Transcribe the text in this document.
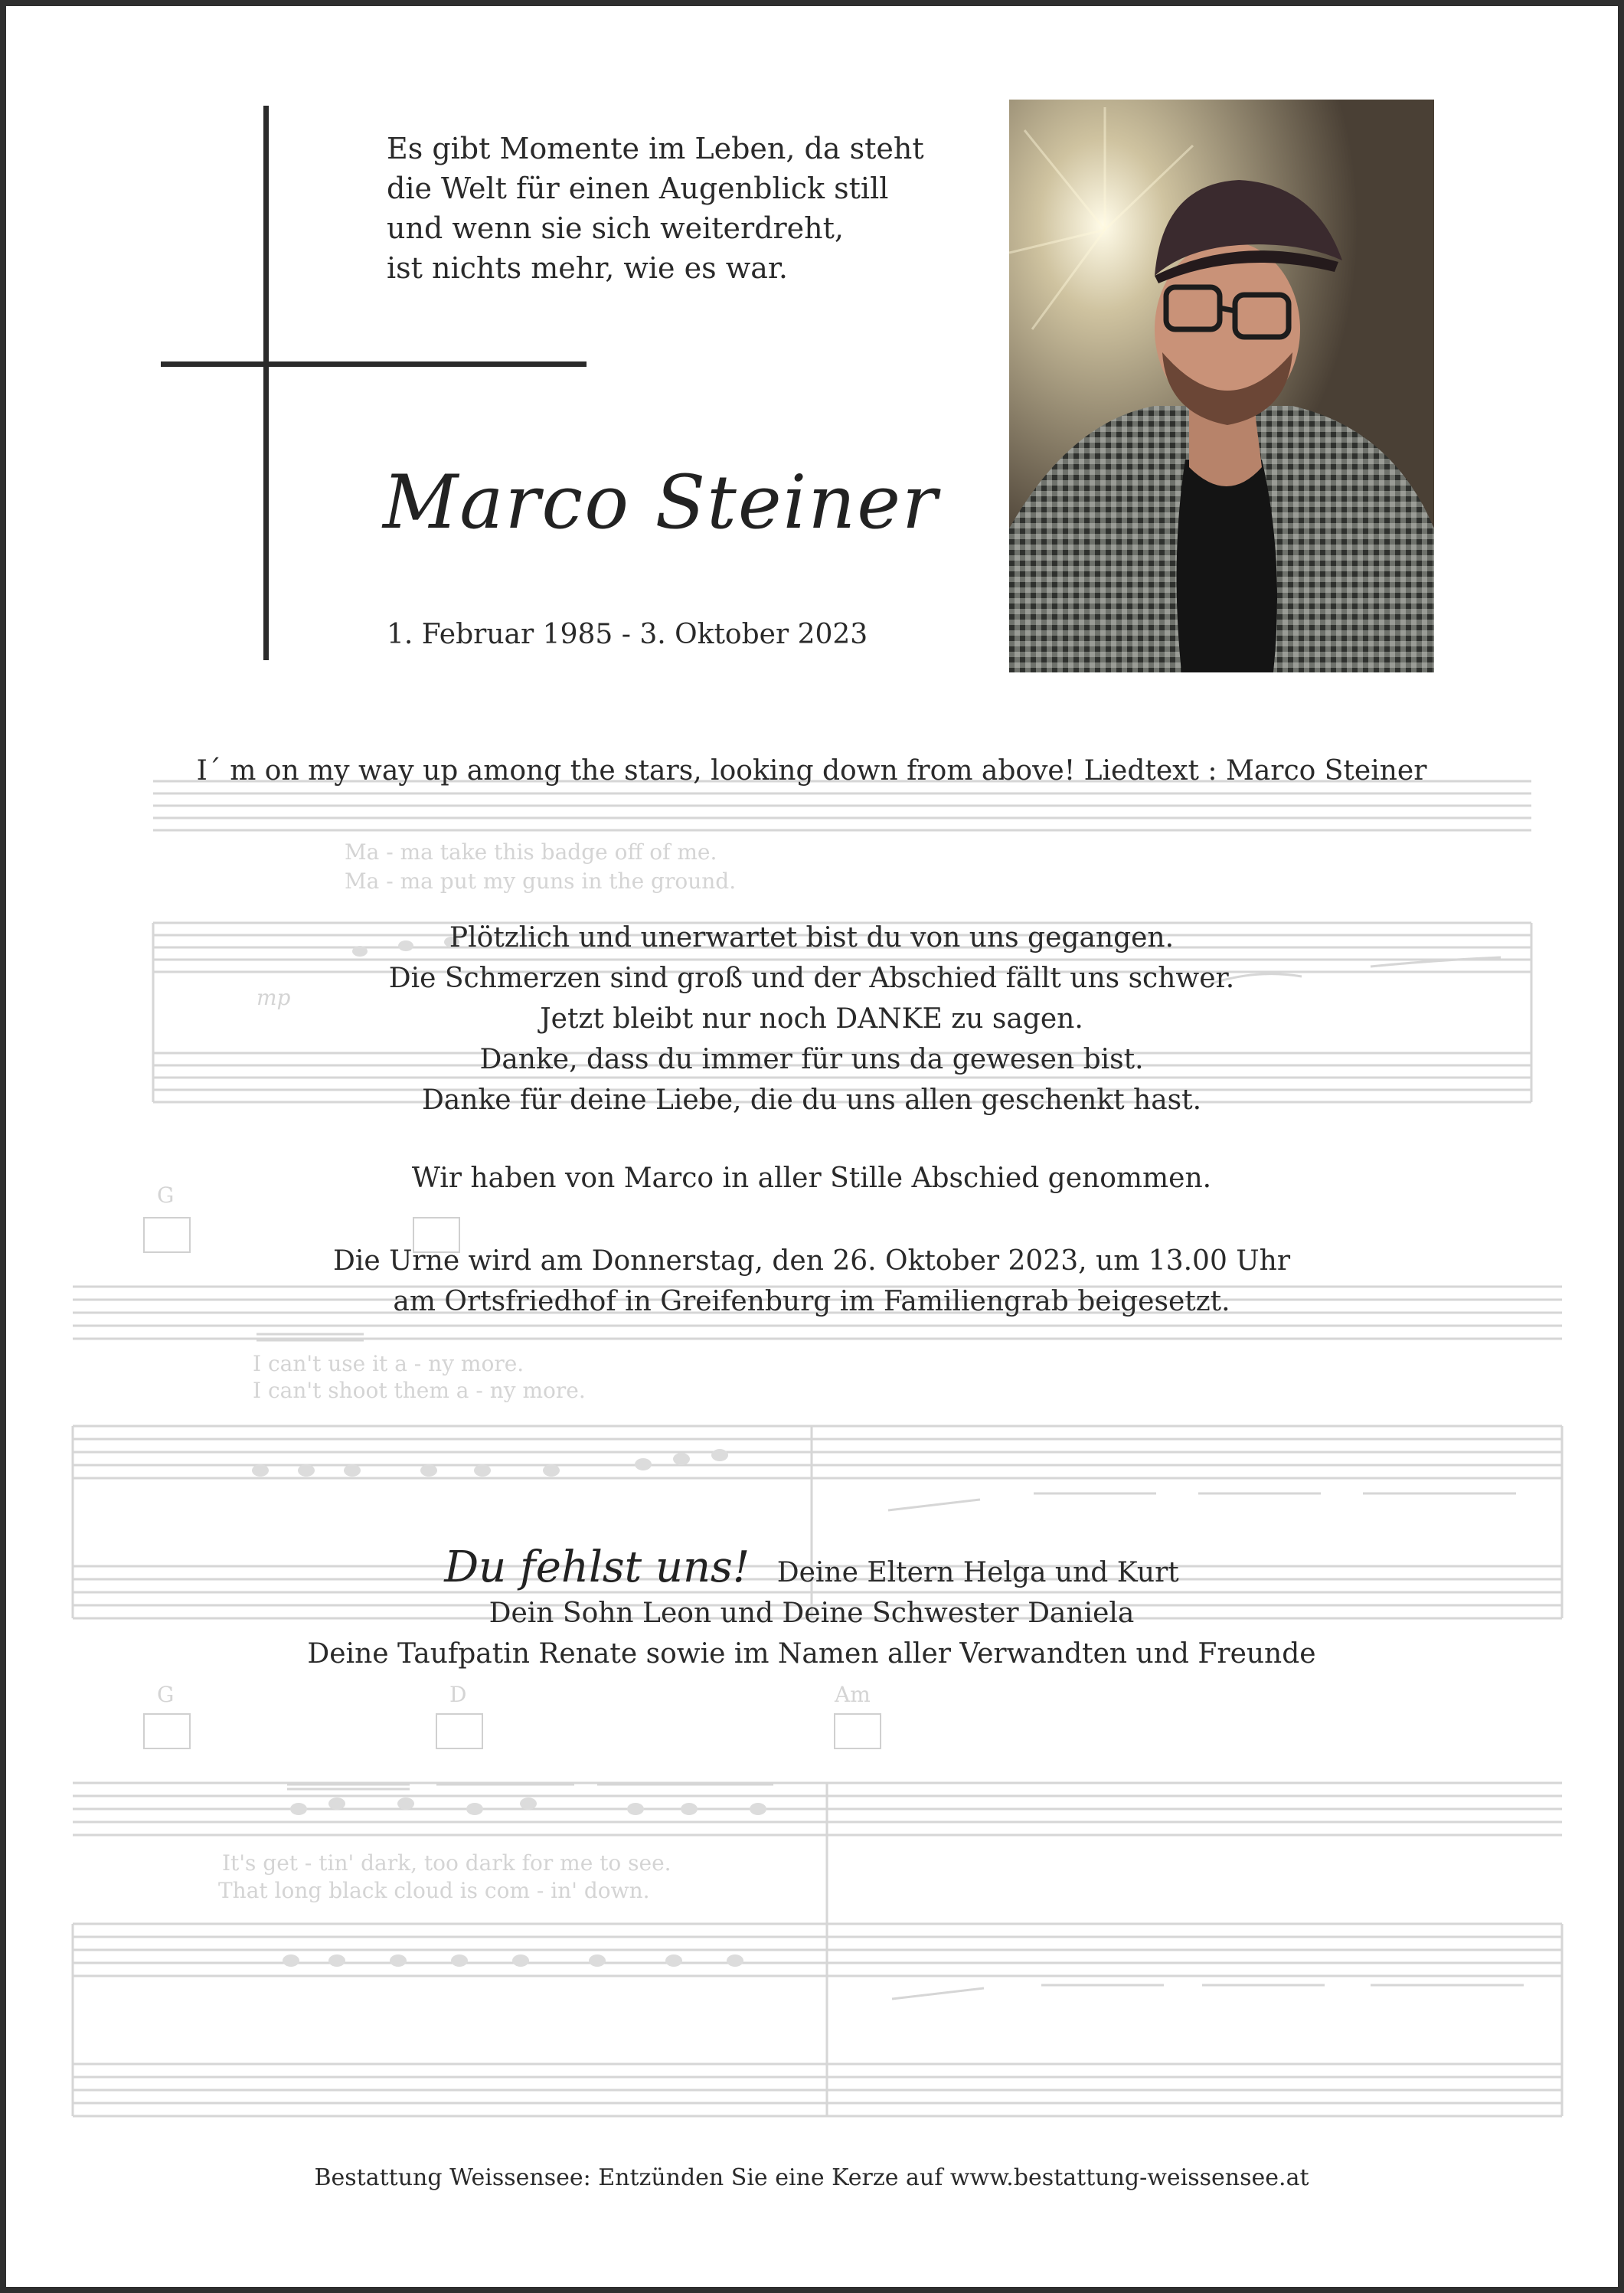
G
G	D	Am
mp
Ma - ma take this badge off of me.
Ma - ma put my guns in the ground.
I can't use it a - ny more.
I can't shoot them a - ny more.
It's get - tin' dark, too dark for me to see.
That long black cloud is com - in' down.
Es gibt Momente im Leben, da steht
die Welt für einen Augenblick still
und wenn sie sich weiterdreht,
ist nichts mehr, wie es war.
Marco Steiner
1. Februar 1985 - 3. Oktober 2023
I´ m on my way up among the stars, looking down from above! Liedtext : Marco Steiner
Plötzlich und unerwartet bist du von uns gegangen.
Die Schmerzen sind groß und der Abschied fällt uns schwer.
Jetzt bleibt nur noch DANKE zu sagen.
Danke, dass du immer für uns da gewesen bist.
Danke für deine Liebe, die du uns allen geschenkt hast.
Wir haben von Marco in aller Stille Abschied genommen.
Die Urne wird am Donnerstag, den 26. Oktober 2023, um 13.00 Uhr
am Ortsfriedhof in Greifenburg im Familiengrab beigesetzt.
Du fehlst uns! Deine Eltern Helga und Kurt
Dein Sohn Leon und Deine Schwester Daniela
Deine Taufpatin Renate sowie im Namen aller Verwandten und Freunde
Bestattung Weissensee: Entzünden Sie eine Kerze auf www.bestattung-weissensee.at
